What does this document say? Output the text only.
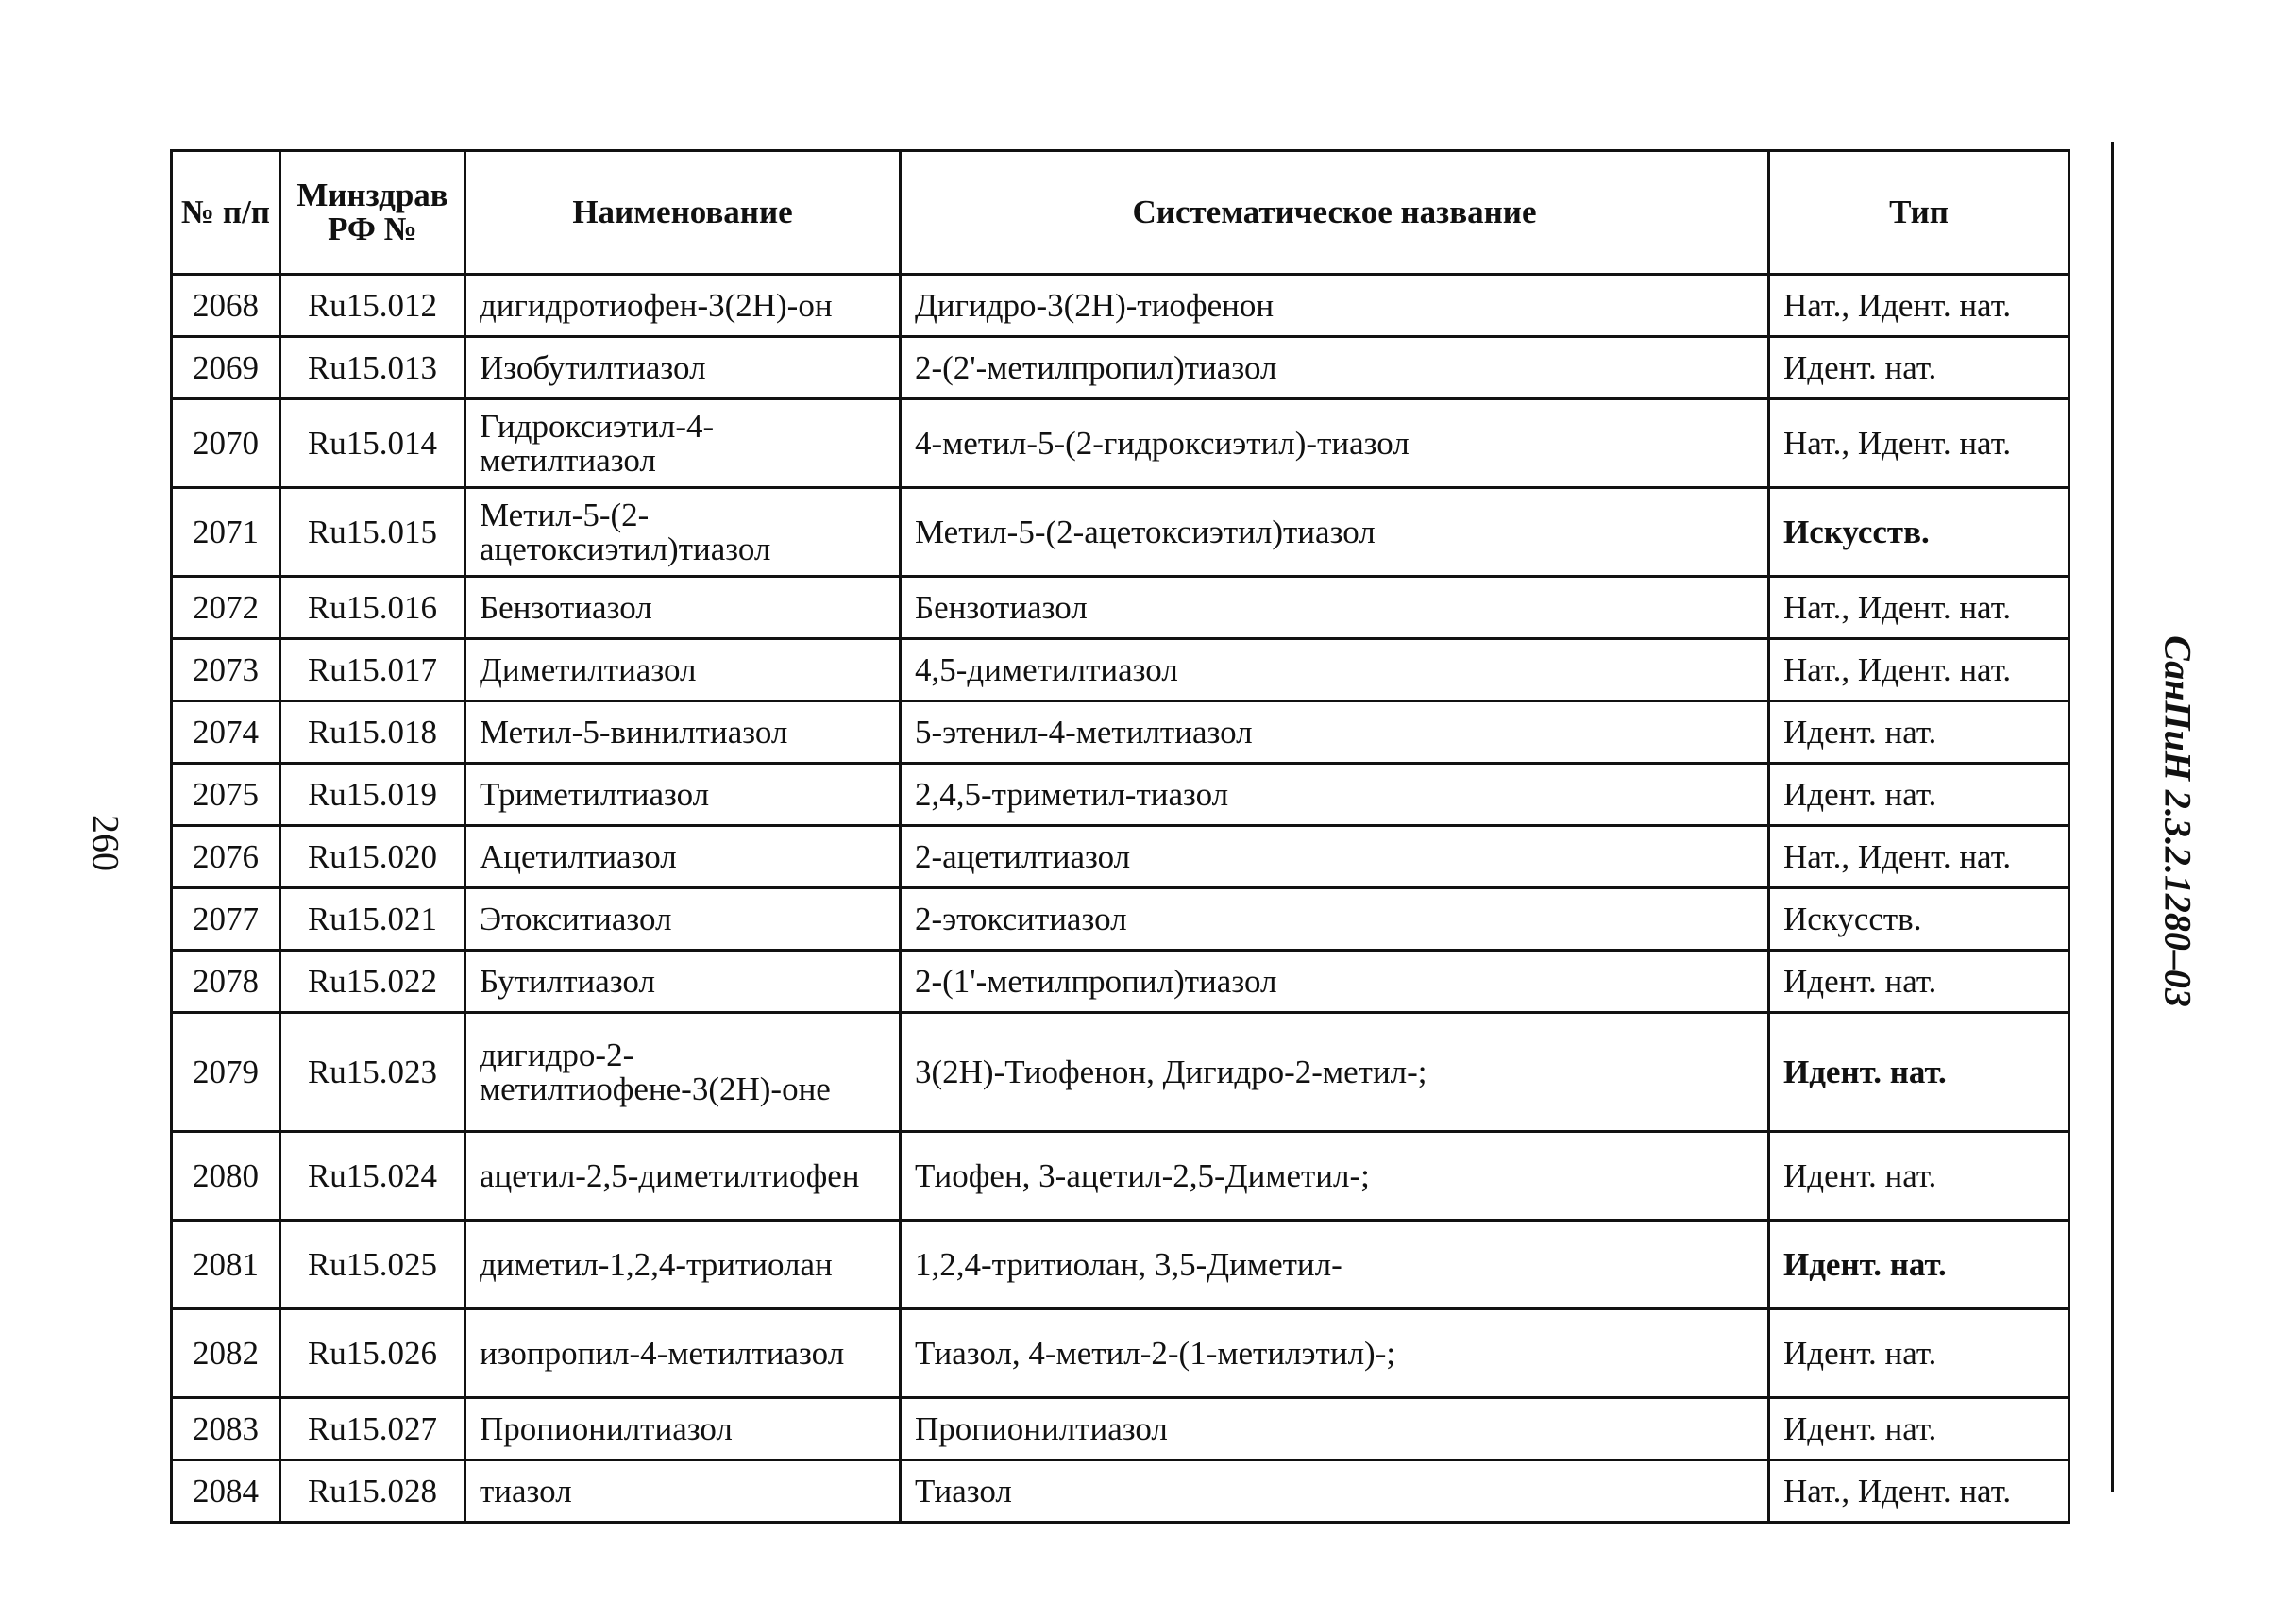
№ п/п	Минздрав РФ №	Наименование	Систематическое название	Тип
2068	Ru15.012	дигидротиофен-3(2H)-он	Дигидро-3(2Н)-тиофенон	Нат., Идент. нат.
2069	Ru15.013	Изобутилтиазол	2-(2'-метилпропил)тиазол	Идент. нат.
2070	Ru15.014	Гидроксиэтил-4-метилтиазол	4-метил-5-(2-гидроксиэтил)-тиазол	Нат., Идент. нат.
2071	Ru15.015	Метил-5-(2-ацетоксиэтил)тиазол	Метил-5-(2-ацетоксиэтил)тиазол	Искусств.
2072	Ru15.016	Бензотиазол	Бензотиазол	Нат., Идент. нат.
2073	Ru15.017	Диметилтиазол	4,5-диметилтиазол	Нат., Идент. нат.
2074	Ru15.018	Метил-5-винилтиазол	5-этенил-4-метилтиазол	Идент. нат.
2075	Ru15.019	Триметилтиазол	2,4,5-триметил-тиазол	Идент. нат.
2076	Ru15.020	Ацетилтиазол	2-ацетилтиазол	Нат., Идент. нат.
2077	Ru15.021	Этокситиазол	2-этокситиазол	Искусств.
2078	Ru15.022	Бутилтиазол	2-(1'-метилпропил)тиазол	Идент. нат.
2079	Ru15.023	дигидро-2-метилтиофене-3(2H)-оне	3(2H)-Тиофенон, Дигидро-2-метил-;	Идент. нат.
2080	Ru15.024	ацетил-2,5-диметилтиофен	Тиофен, 3-ацетил-2,5-Диметил-;	Идент. нат.
2081	Ru15.025	диметил-1,2,4-тритиолан	1,2,4-тритиолан, 3,5-Диметил-	Идент. нат.
2082	Ru15.026	изопропил-4-метилтиазол	Тиазол, 4-метил-2-(1-метилэтил)-;	Идент. нат.
2083	Ru15.027	Пропионилтиазол	Пропионилтиазол	Идент. нат.
2084	Ru15.028	тиазол	Тиазол	Нат., Идент. нат.
СанПиН 2.3.2.1280–03
260
